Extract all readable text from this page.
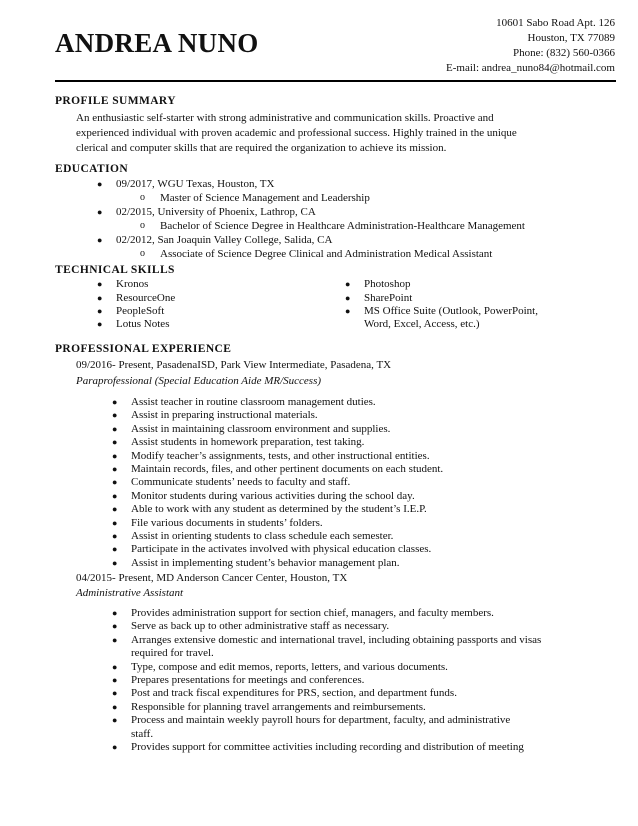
ANDREA NUNO
10601 Sabo Road Apt. 126
Houston, TX 77089
Phone: (832) 560-0366
E-mail: andrea_nuno84@hotmail.com
PROFILE SUMMARY
An enthusiastic self-starter with strong administrative and communication skills. Proactive and experienced individual with proven academic and professional success. Highly trained in the unique clerical and computer skills that are required the organization to achieve its mission.
EDUCATION
● 09/2017, WGU Texas, Houston, TX
o Master of Science Management and Leadership
● 02/2015, University of Phoenix, Lathrop, CA
o Bachelor of Science Degree in Healthcare Administration-Healthcare Management
● 02/2012, San Joaquin Valley College, Salida, CA
o Associate of Science Degree Clinical and Administration Medical Assistant
TECHNICAL SKILLS
● Kronos
● ResourceOne
● PeopleSoft
● Lotus Notes
● Photoshop
● SharePoint
● MS Office Suite (Outlook, PowerPoint,
Word, Excel, Access, etc.)
PROFESSIONAL EXPERIENCE
09/2016- Present, PasadenaISD, Park View Intermediate, Pasadena, TX
Paraprofessional (Special Education Aide MR/Success)
● Assist teacher in routine classroom management duties.
● Assist in preparing instructional materials.
● Assist in maintaining classroom environment and supplies.
● Assist students in homework preparation, test taking.
● Modify teacher’s assignments, tests, and other instructional entities.
● Maintain records, files, and other pertinent documents on each student.
● Communicate students’ needs to faculty and staff.
● Monitor students during various activities during the school day.
● Able to work with any student as determined by the student’s I.E.P.
● File various documents in students’ folders.
● Assist in orienting students to class schedule each semester.
● Participate in the activates involved with physical education classes.
● Assist in implementing student’s behavior management plan.
04/2015- Present, MD Anderson Cancer Center, Houston, TX
Administrative Assistant
● Provides administration support for section chief, managers, and faculty members.
● Serve as back up to other administrative staff as necessary.
● Arranges extensive domestic and international travel, including obtaining passports and visas
required for travel.
● Type, compose and edit memos, reports, letters, and various documents.
● Prepares presentations for meetings and conferences.
● Post and track fiscal expenditures for PRS, section, and department funds.
● Responsible for planning travel arrangements and reimbursements.
● Process and maintain weekly payroll hours for department, faculty, and administrative
staff.
● Provides support for committee activities including recording and distribution of meeting
